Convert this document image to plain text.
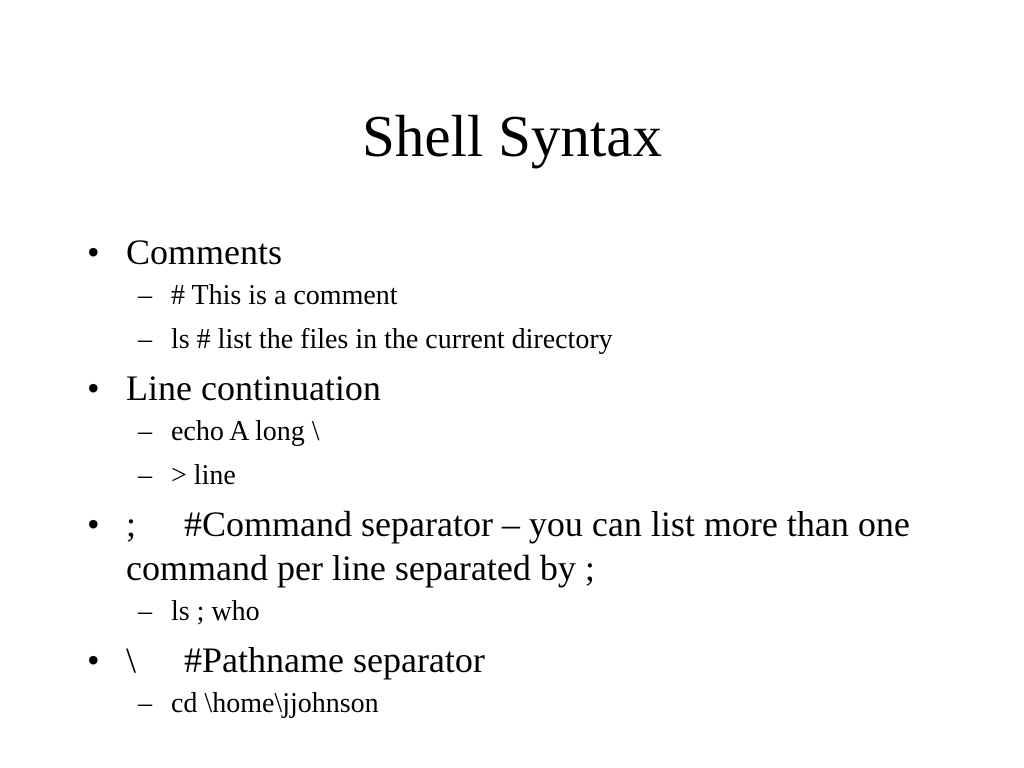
Shell Syntax
• Comments
– # This is a comment
– ls # list the files in the current directory
• Line continuation
– echo A long \
– > line
• ; #Command separator – you can list more than one command per line separated by ;
– ls ; who
• \ #Pathname separator
– cd \home\jjohnson
